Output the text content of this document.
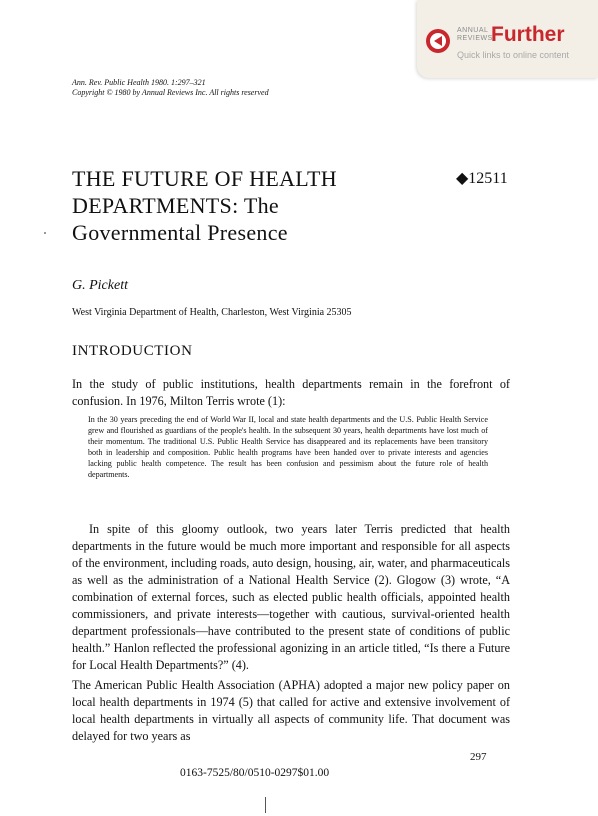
ANNUAL
REVIEWS
Further
Quick links to online content
Ann. Rev. Public Health 1980. 1:297–321
Copyright © 1980 by Annual Reviews Inc. All rights reserved
THE FUTURE OF HEALTH
DEPARTMENTS: The
Governmental Presence
◆12511
G. Pickett
West Virginia Department of Health, Charleston, West Virginia 25305
INTRODUCTION
In the study of public institutions, health departments remain in the forefront of confusion. In 1976, Milton Terris wrote (1):
In the 30 years preceding the end of World War II, local and state health departments and the U.S. Public Health Service grew and flourished as guardians of the people's health. In the subsequent 30 years, health departments have lost much of their momentum. The traditional U.S. Public Health Service has disappeared and its replacements have been transitory both in leadership and composition. Public health programs have been handed over to private interests and agencies lacking public health competence. The result has been confusion and pessimism about the future role of health departments.
In spite of this gloomy outlook, two years later Terris predicted that health departments in the future would be much more important and responsible for all aspects of the environment, including roads, auto design, housing, air, water, and pharmaceuticals as well as the administration of a National Health Service (2). Glogow (3) wrote, “A combination of external forces, such as elected public health officials, appointed health commissioners, and private interests—together with cautious, survival-oriented health department professionals—have contributed to the present state of conditions of public health.” Hanlon reflected the professional agonizing in an article titled, “Is there a Future for Local Health Departments?” (4).
The American Public Health Association (APHA) adopted a major new policy paper on local health departments in 1974 (5) that called for active and extensive involvement of local health departments in virtually all aspects of community life. That document was delayed for two years as
297
0163-7525/80/0510-0297$01.00
